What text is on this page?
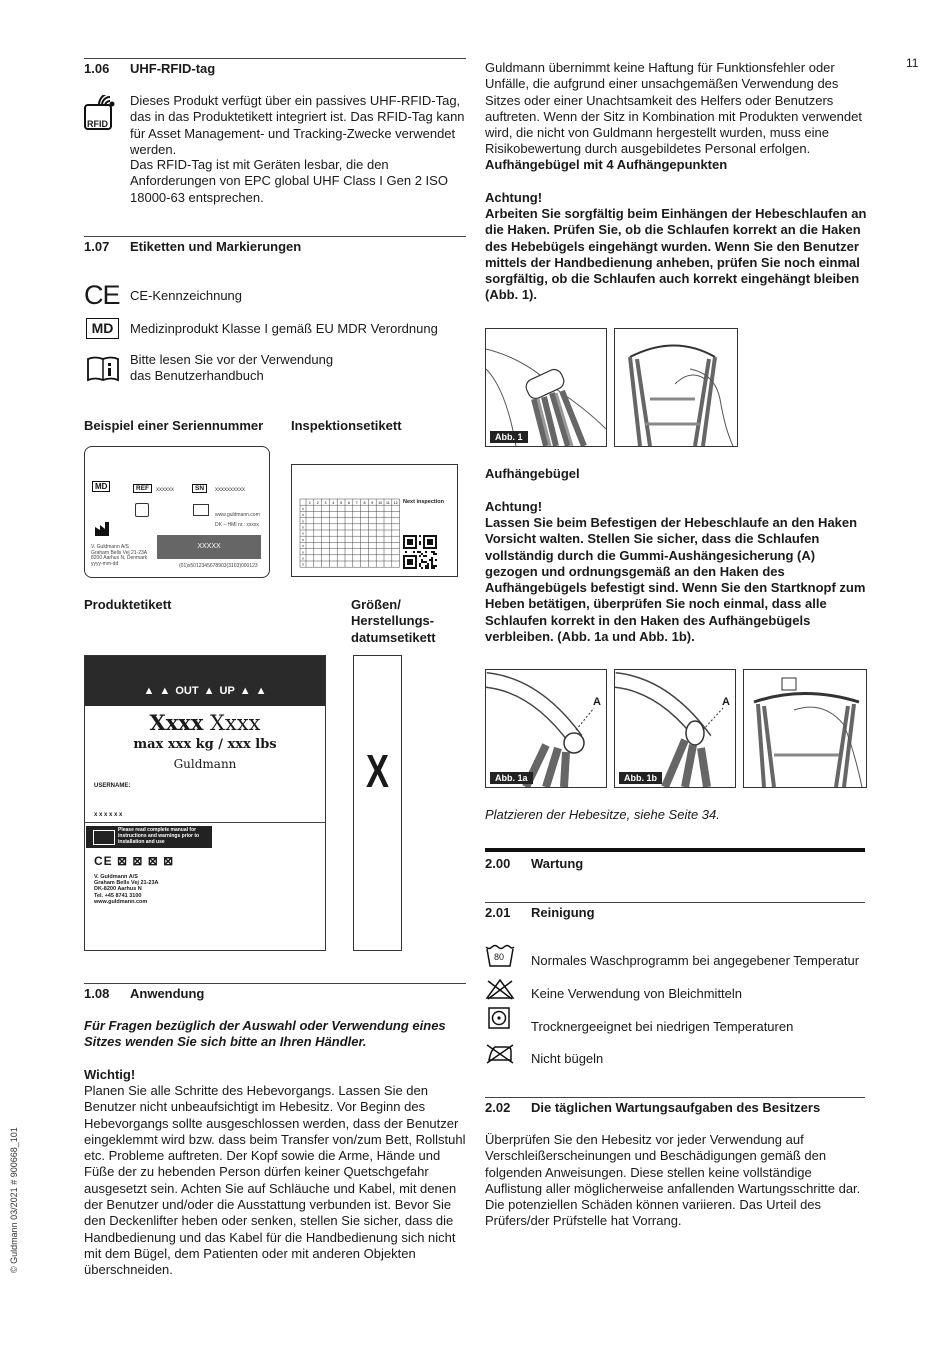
11
© Guldmann 03/2021 # 900668_101
1.06 UHF-RFID-tag
RFID
Dieses Produkt verfügt über ein passives UHF-RFID-Tag, das in das Produktetikett integriert ist. Das RFID-Tag kann für Asset Management- und Tracking-Zwecke verwendet werden.
Das RFID-Tag ist mit Geräten lesbar, die den Anforderungen von EPC global UHF Class I Gen 2 ISO 18000-63 entsprechen.
1.07 Etiketten und Markierungen
CE CE-Kennzeichnung
MD	Medizinprodukt Klasse I gemäß EU MDR Verordnung
Bitte lesen Sie vor der Verwendung das Benutzerhandbuch
Beispiel einer Seriennummer Inspektionsetikett
MD	REF	xxxxxx	SN	xxxxxxxxxx
www.guldmann.com
DK – HMI nr.: xxxxx
V. Guldmann A/S
Graham Bells Vej 21-23A
8200 Aarhus N, Denmark
yyyy-mm-dd
XXXXX
(01)x5012345678903(3103)000123
1 2 3 4 5 6 7 8 9 10 11 12
x
x
x
x
x
x
x
x
x
x
Next inspection
Produktetikett	Größen/ Herstellungs- datumsetikett
▲ ▲ OUT ▲ UP ▲ ▲
Xxxx Xxxx
max xxx kg / xxx lbs
Guldmann
USERNAME:
x x x x x x
Please read complete manual for instructions and warnings prior to installation and use
CE ⊠ ⊠ ⊠ ⊠
V. Guldmann A/S
Graham Bells Vej 21-23A
DK-8200 Aarhus N
Tel. +45 8741 3100
www.guldmann.com
X
1.08 Anwendung
Für Fragen bezüglich der Auswahl oder Verwendung eines Sitzes wenden Sie sich bitte an Ihren Händler.
Wichtig!
Planen Sie alle Schritte des Hebevorgangs. Lassen Sie den Benutzer nicht unbeaufsichtigt im Hebesitz. Vor Beginn des Hebevorgangs sollte ausgeschlossen werden, dass der Benutzer eingeklemmt wird bzw. dass beim Transfer von/zum Bett, Rollstuhl etc. Probleme auftreten. Der Kopf sowie die Arme, Hände und Füße der zu hebenden Person dürfen keiner Quetschgefahr ausgesetzt sein. Achten Sie auf Schläuche und Kabel, mit denen der Benutzer und/oder die Ausstattung verbunden ist. Bevor Sie den Deckenlifter heben oder senken, stellen Sie sicher, dass die Handbedienung und das Kabel für die Handbedienung sich nicht mit dem Bügel, dem Patienten oder mit anderen Objekten überschneiden.
Guldmann übernimmt keine Haftung für Funktionsfehler oder Unfälle, die aufgrund einer unsachgemäßen Verwendung des Sitzes oder einer Unachtsamkeit des Helfers oder Benutzers auftreten. Wenn der Sitz in Kombination mit Produkten verwendet wird, die nicht von Guldmann hergestellt wurden, muss eine Risikobewertung durch ausgebildetes Personal erfolgen.
Aufhängebügel mit 4 Aufhängepunkten
Achtung!
Arbeiten Sie sorgfältig beim Einhängen der Hebeschlaufen an die Haken. Prüfen Sie, ob die Schlaufen korrekt an die Haken des Hebebügels eingehängt wurden. Wenn Sie den Benutzer mittels der Handbedienung anheben, prüfen Sie noch einmal sorgfältig, ob die Schlaufen auch korrekt eingehängt bleiben (Abb. 1).
Abb. 1
Aufhängebügel
Achtung!
Lassen Sie beim Befestigen der Hebeschlaufe an den Haken Vorsicht walten. Stellen Sie sicher, dass die Schlaufen vollständig durch die Gummi-Aushängesicherung (A) gezogen und ordnungsgemäß an den Haken des Aufhängebügels befestigt sind. Wenn Sie den Startknopf zum Heben betätigen, überprüfen Sie noch einmal, dass alle Schlaufen korrekt in den Haken des Aufhängebügels verbleiben. (Abb. 1a und Abb. 1b).
A
Abb. 1a
A
Abb. 1b
Platzieren der Hebesitze, siehe Seite 34.
2.00 Wartung
2.01 Reinigung
80 Normales Waschprogramm bei angegebener Temperatur
Keine Verwendung von Bleichmitteln
Trocknergeeignet bei niedrigen Temperaturen
Nicht bügeln
2.02 Die täglichen Wartungsaufgaben des Besitzers
Überprüfen Sie den Hebesitz vor jeder Verwendung auf Verschleißerscheinungen und Beschädigungen gemäß den folgenden Anweisungen. Diese stellen keine vollständige Auflistung aller möglicherweise anfallenden Wartungsschritte dar. Die potenziellen Schäden können variieren. Das Urteil des Prüfers/der Prüfstelle hat Vorrang.
